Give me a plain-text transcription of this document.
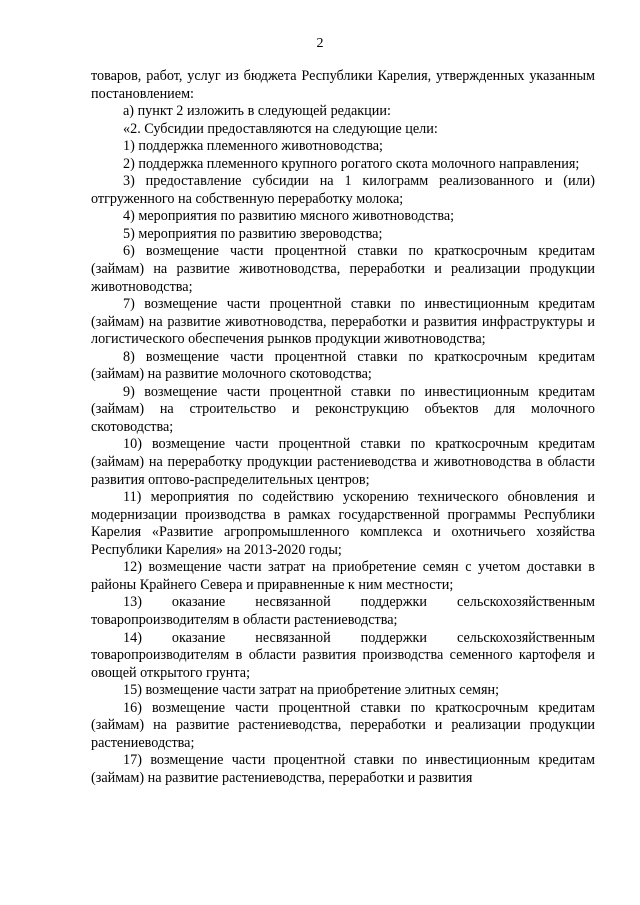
2

товаров, работ, услуг из бюджета Республики Карелия, утвержденных указанным постановлением:

а) пункт 2 изложить в следующей редакции:

«2. Субсидии предоставляются на следующие цели:

1) поддержка племенного животноводства;

2) поддержка племенного крупного рогатого скота молочного направления;

3) предоставление субсидии на 1 килограмм реализованного и (или) отгруженного на собственную переработку молока;

4) мероприятия по развитию мясного животноводства;

5) мероприятия по развитию звероводства;

6) возмещение части процентной ставки по краткосрочным кредитам (займам) на развитие животноводства, переработки и реализации продукции животноводства;

7) возмещение части процентной ставки по инвестиционным кредитам (займам) на развитие животноводства, переработки и развития инфраструктуры и логистического обеспечения рынков продукции животноводства;

8) возмещение части процентной ставки по краткосрочным кредитам (займам) на развитие молочного скотоводства;

9) возмещение части процентной ставки по инвестиционным кредитам (займам) на строительство и реконструкцию объектов для молочного скотоводства;

10) возмещение части процентной ставки по краткосрочным кредитам (займам) на переработку продукции растениеводства и животноводства в области развития оптово-распределительных центров;

11) мероприятия по содействию ускорению технического обновления и модернизации производства в рамках государственной программы Республики Карелия «Развитие агропромышленного комплекса и охотничьего хозяйства Республики Карелия» на 2013-2020 годы;

12) возмещение части затрат на приобретение семян с учетом доставки в районы Крайнего Севера и приравненные к ним местности;

13) оказание несвязанной поддержки сельскохозяйственным товаропроизводителям в области растениеводства;

14) оказание несвязанной поддержки сельскохозяйственным товаропроизводителям в области развития производства семенного картофеля и овощей открытого грунта;

15) возмещение части затрат на приобретение элитных семян;

16) возмещение части процентной ставки по краткосрочным кредитам (займам) на развитие растениеводства, переработки и реализации продукции растениеводства;

17) возмещение части процентной ставки по инвестиционным кредитам (займам) на развитие растениеводства, переработки и развития
